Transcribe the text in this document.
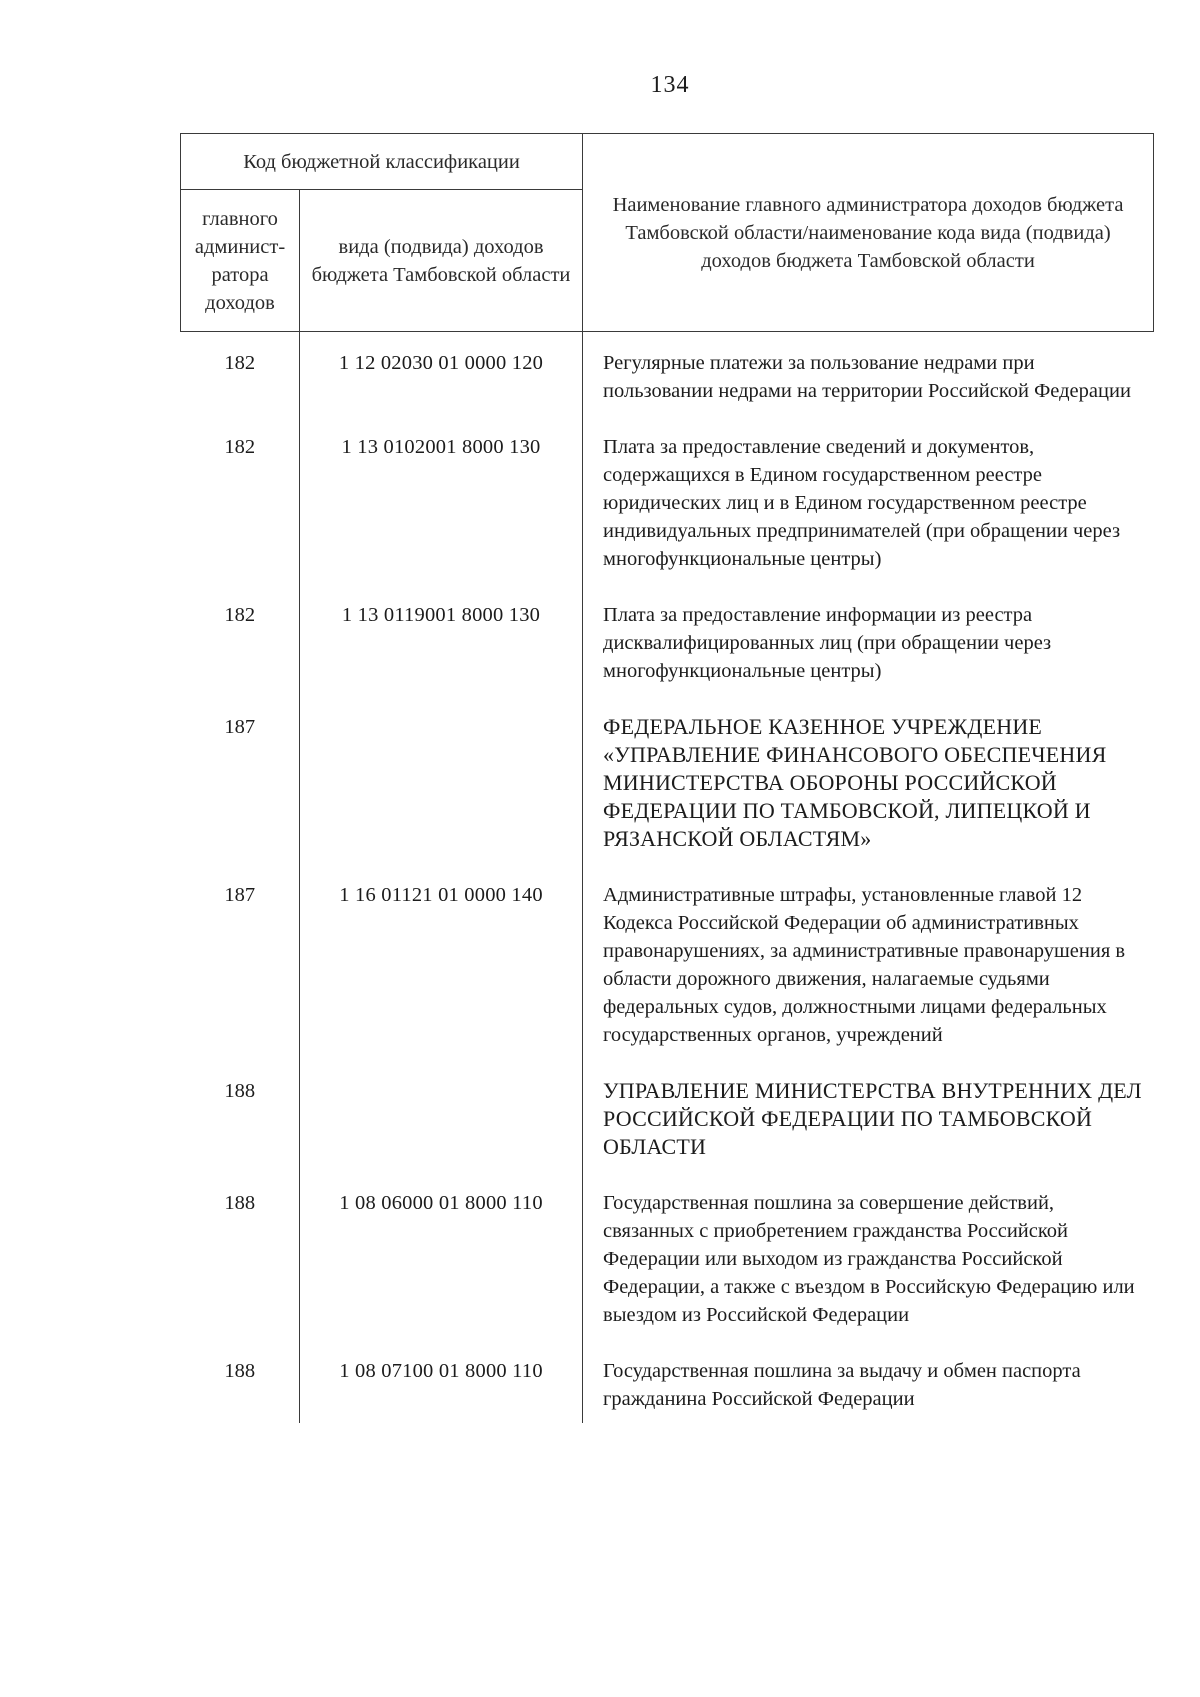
134
Код бюджетной классификации		Наименование главного администратора доходов бюджета Тамбовской области/наименование кода вида (подвида) доходов бюджета Тамбовской области
главного админист-ратора доходов	вида (подвида) доходов бюджета Тамбовской области	

182	1 12 02030 01 0000 120	Регулярные платежи за пользование недрами при пользовании недрами на территории Российской Федерации

182	1 13 0102001 8000 130	Плата за предоставление сведений и документов, содержащихся в Едином государственном реестре юридических лиц и в Едином государственном реестре индивидуальных предпринимателей (при обращении через многофункциональные центры)

182	1 13 0119001 8000 130	Плата за предоставление информации из реестра дисквалифицированных лиц (при обращении через многофункциональные центры)

187		ФЕДЕРАЛЬНОЕ КАЗЕННОЕ УЧРЕЖДЕНИЕ «УПРАВЛЕНИЕ ФИНАНСОВОГО ОБЕСПЕЧЕНИЯ МИНИСТЕРСТВА ОБОРОНЫ РОССИЙСКОЙ ФЕДЕРАЦИИ ПО ТАМБОВСКОЙ, ЛИПЕЦКОЙ И РЯЗАНСКОЙ ОБЛАСТЯМ»

187	1 16 01121 01 0000 140	Административные штрафы, установленные главой 12 Кодекса Российской Федерации об административных правонарушениях, за административные правонарушения в области дорожного движения, налагаемые судьями федеральных судов, должностными лицами федеральных государственных органов, учреждений

188		УПРАВЛЕНИЕ МИНИСТЕРСТВА ВНУТРЕННИХ ДЕЛ РОССИЙСКОЙ ФЕДЕРАЦИИ ПО ТАМБОВСКОЙ ОБЛАСТИ

188	1 08 06000 01 8000 110	Государственная пошлина за совершение действий, связанных с приобретением гражданства Российской Федерации или выходом из гражданства Российской Федерации, а также с въездом в Российскую Федерацию или выездом из Российской Федерации

188	1 08 07100 01 8000 110	Государственная пошлина за выдачу и обмен паспорта гражданина Российской Федерации
